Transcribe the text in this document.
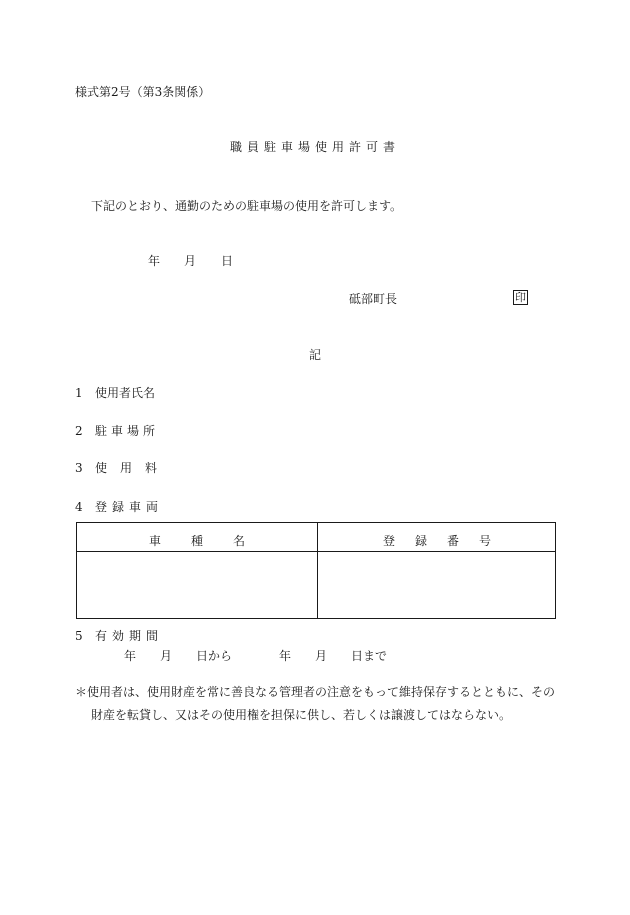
様式第2号（第3条関係）
職員駐車場使用許可書
下記のとおり、通勤のための駐車場の使用を許可します。
年 月 日
砥部町長	印
記
1 使用者氏名
2 駐車場所
3 使用料
4 登録車両
車種名	登録番号
5 有効期間
年 月 日から	年 月 日まで
＊使用者は、使用財産を常に善良なる管理者の注意をもって維持保存するとともに、その
財産を転貸し、又はその使用権を担保に供し、若しくは譲渡してはならない。
